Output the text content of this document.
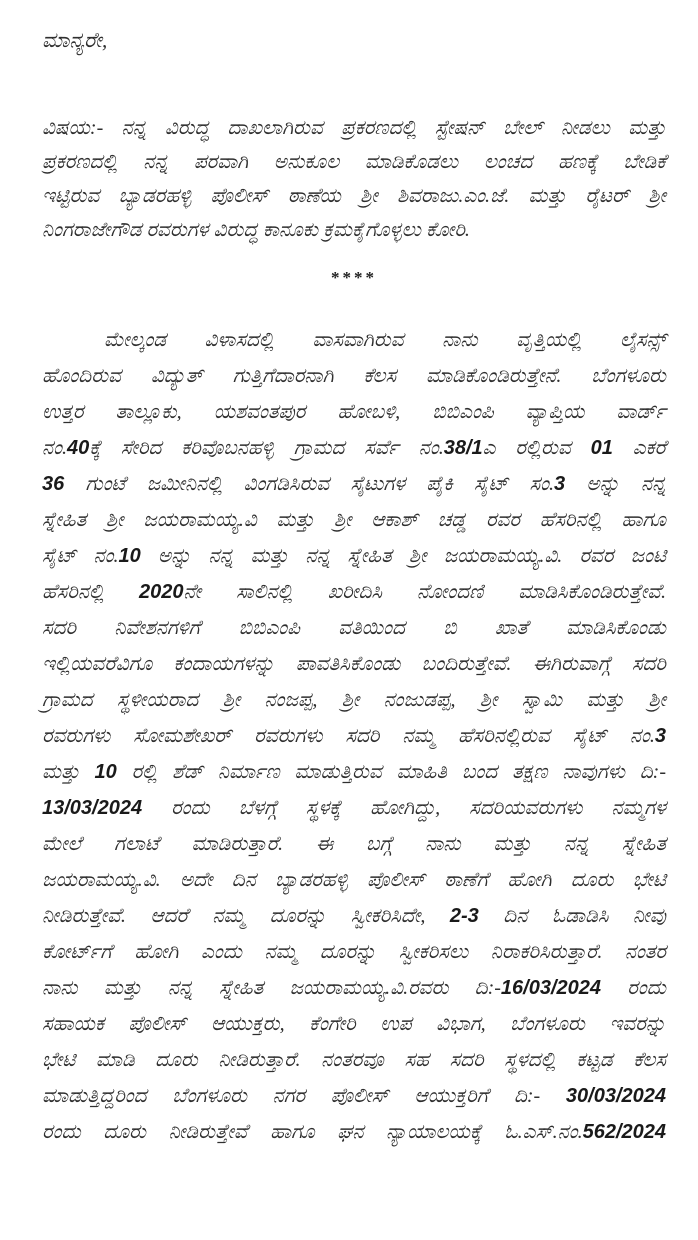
ಮಾನ್ಯರೇ,
ವಿಷಯ:- ನನ್ನ ವಿರುದ್ಧ ದಾಖಲಾಗಿರುವ ಪ್ರಕರಣದಲ್ಲಿ ಸ್ಟೇಷನ್ ಬೇಲ್ ನೀಡಲು ಮತ್ತು
ಪ್ರಕರಣದಲ್ಲಿ ನನ್ನ ಪರವಾಗಿ ಅನುಕೂಲ ಮಾಡಿಕೊಡಲು ಲಂಚದ ಹಣಕ್ಕೆ ಬೇಡಿಕೆ
ಇಟ್ಟಿರುವ ಬ್ಯಾಡರಹಳ್ಳಿ ಪೊಲೀಸ್ ಠಾಣೆಯ ಶ್ರೀ ಶಿವರಾಜು.ಎಂ.ಜೆ. ಮತ್ತು ರೈಟರ್ ಶ್ರೀ
ನಿಂಗರಾಜೇಗೌಡ ರವರುಗಳ ವಿರುದ್ಧ ಕಾನೂಕು ಕ್ರಮಕೈಗೊಳ್ಳಲು ಕೋರಿ.
****
ಮೇಲ್ಕಂಡ ವಿಳಾಸದಲ್ಲಿ ವಾಸವಾಗಿರುವ ನಾನು ವೃತ್ತಿಯಲ್ಲಿ ಲೈಸನ್ಸ್
ಹೊಂದಿರುವ ವಿದ್ಯುತ್ ಗುತ್ತಿಗೆದಾರನಾಗಿ ಕೆಲಸ ಮಾಡಿಕೊಂಡಿರುತ್ತೇನೆ. ಬೆಂಗಳೂರು
ಉತ್ತರ ತಾಲ್ಲೂಕು, ಯಶವಂತಪುರ ಹೋಬಳಿ, ಬಿಬಿಎಂಪಿ ವ್ಯಾಪ್ತಿಯ ವಾರ್ಡ್
ನಂ.40ಕ್ಕೆ ಸೇರಿದ ಕರಿವೊಬನಹಳ್ಳಿ ಗ್ರಾಮದ ಸರ್ವೆ ನಂ.38/1ಎ ರಲ್ಲಿರುವ 01 ಎಕರೆ
36 ಗುಂಟೆ ಜಮೀನಿನಲ್ಲಿ ವಿಂಗಡಿಸಿರುವ ಸೈಟುಗಳ ಪೈಕಿ ಸೈಟ್ ಸಂ.3 ಅನ್ನು ನನ್ನ
ಸ್ನೇಹಿತ ಶ್ರೀ ಜಯರಾಮಯ್ಯ.ವಿ ಮತ್ತು ಶ್ರೀ ಆಕಾಶ್ ಚಡ್ಡ ರವರ ಹೆಸರಿನಲ್ಲಿ ಹಾಗೂ
ಸೈಟ್ ನಂ.10 ಅನ್ನು ನನ್ನ ಮತ್ತು ನನ್ನ ಸ್ನೇಹಿತ ಶ್ರೀ ಜಯರಾಮಯ್ಯ.ವಿ. ರವರ ಜಂಟಿ
ಹೆಸರಿನಲ್ಲಿ 2020ನೇ ಸಾಲಿನಲ್ಲಿ ಖರೀದಿಸಿ ನೋಂದಣಿ ಮಾಡಿಸಿಕೊಂಡಿರುತ್ತೇವೆ.
ಸದರಿ ನಿವೇಶನಗಳಿಗೆ ಬಿಬಿಎಂಪಿ ವತಿಯಿಂದ ಬಿ ಖಾತೆ ಮಾಡಿಸಿಕೊಂಡು
ಇಲ್ಲಿಯವರೆವಿಗೂ ಕಂದಾಯಗಳನ್ನು ಪಾವತಿಸಿಕೊಂಡು ಬಂದಿರುತ್ತೇವೆ. ಈಗಿರುವಾಗ್ಗೆ ಸದರಿ
ಗ್ರಾಮದ ಸ್ಥಳೀಯರಾದ ಶ್ರೀ ನಂಜಪ್ಪ, ಶ್ರೀ ನಂಜುಡಪ್ಪ, ಶ್ರೀ ಸ್ವಾಮಿ ಮತ್ತು ಶ್ರೀ
ರವರುಗಳು ಸೋಮಶೇಖರ್ ರವರುಗಳು ಸದರಿ ನಮ್ಮ ಹೆಸರಿನಲ್ಲಿರುವ ಸೈಟ್ ನಂ.3
ಮತ್ತು 10 ರಲ್ಲಿ ಶೆಡ್ ನಿರ್ಮಾಣ ಮಾಡುತ್ತಿರುವ ಮಾಹಿತಿ ಬಂದ ತಕ್ಷಣ ನಾವುಗಳು ದಿ:-
13/03/2024 ರಂದು ಬೆಳಗ್ಗೆ ಸ್ಥಳಕ್ಕೆ ಹೋಗಿದ್ದು, ಸದರಿಯವರುಗಳು ನಮ್ಮಗಳ
ಮೇಲೆ ಗಲಾಟೆ ಮಾಡಿರುತ್ತಾರೆ. ಈ ಬಗ್ಗೆ ನಾನು ಮತ್ತು ನನ್ನ ಸ್ನೇಹಿತ
ಜಯರಾಮಯ್ಯ.ವಿ. ಅದೇ ದಿನ ಬ್ಯಾಡರಹಳ್ಳಿ ಪೊಲೀಸ್ ಠಾಣೆಗೆ ಹೋಗಿ ದೂರು ಭೇಟಿ
ನೀಡಿರುತ್ತೇವೆ. ಆದರೆ ನಮ್ಮ ದೂರನ್ನು ಸ್ವೀಕರಿಸಿದೇ, 2-3 ದಿನ ಓಡಾಡಿಸಿ ನೀವು
ಕೋರ್ಟ್‌ಗೆ ಹೋಗಿ ಎಂದು ನಮ್ಮ ದೂರನ್ನು ಸ್ವೀಕರಿಸಲು ನಿರಾಕರಿಸಿರುತ್ತಾರೆ. ನಂತರ
ನಾನು ಮತ್ತು ನನ್ನ ಸ್ನೇಹಿತ ಜಯರಾಮಯ್ಯ.ವಿ.ರವರು ದಿ:-16/03/2024 ರಂದು
ಸಹಾಯಕ ಪೊಲೀಸ್ ಆಯುಕ್ತರು, ಕೆಂಗೇರಿ ಉಪ ವಿಭಾಗ, ಬೆಂಗಳೂರು ಇವರನ್ನು
ಭೇಟಿ ಮಾಡಿ ದೂರು ನೀಡಿರುತ್ತಾರೆ. ನಂತರವೂ ಸಹ ಸದರಿ ಸ್ಥಳದಲ್ಲಿ ಕಟ್ಟಡ ಕೆಲಸ
ಮಾಡುತ್ತಿದ್ದರಿಂದ ಬೆಂಗಳೂರು ನಗರ ಪೊಲೀಸ್ ಆಯುಕ್ತರಿಗೆ ದಿ:- 30/03/2024
ರಂದು ದೂರು ನೀಡಿರುತ್ತೇವೆ ಹಾಗೂ ಘನ ನ್ಯಾಯಾಲಯಕ್ಕೆ ಓ.ಎಸ್.ನಂ.562/2024
